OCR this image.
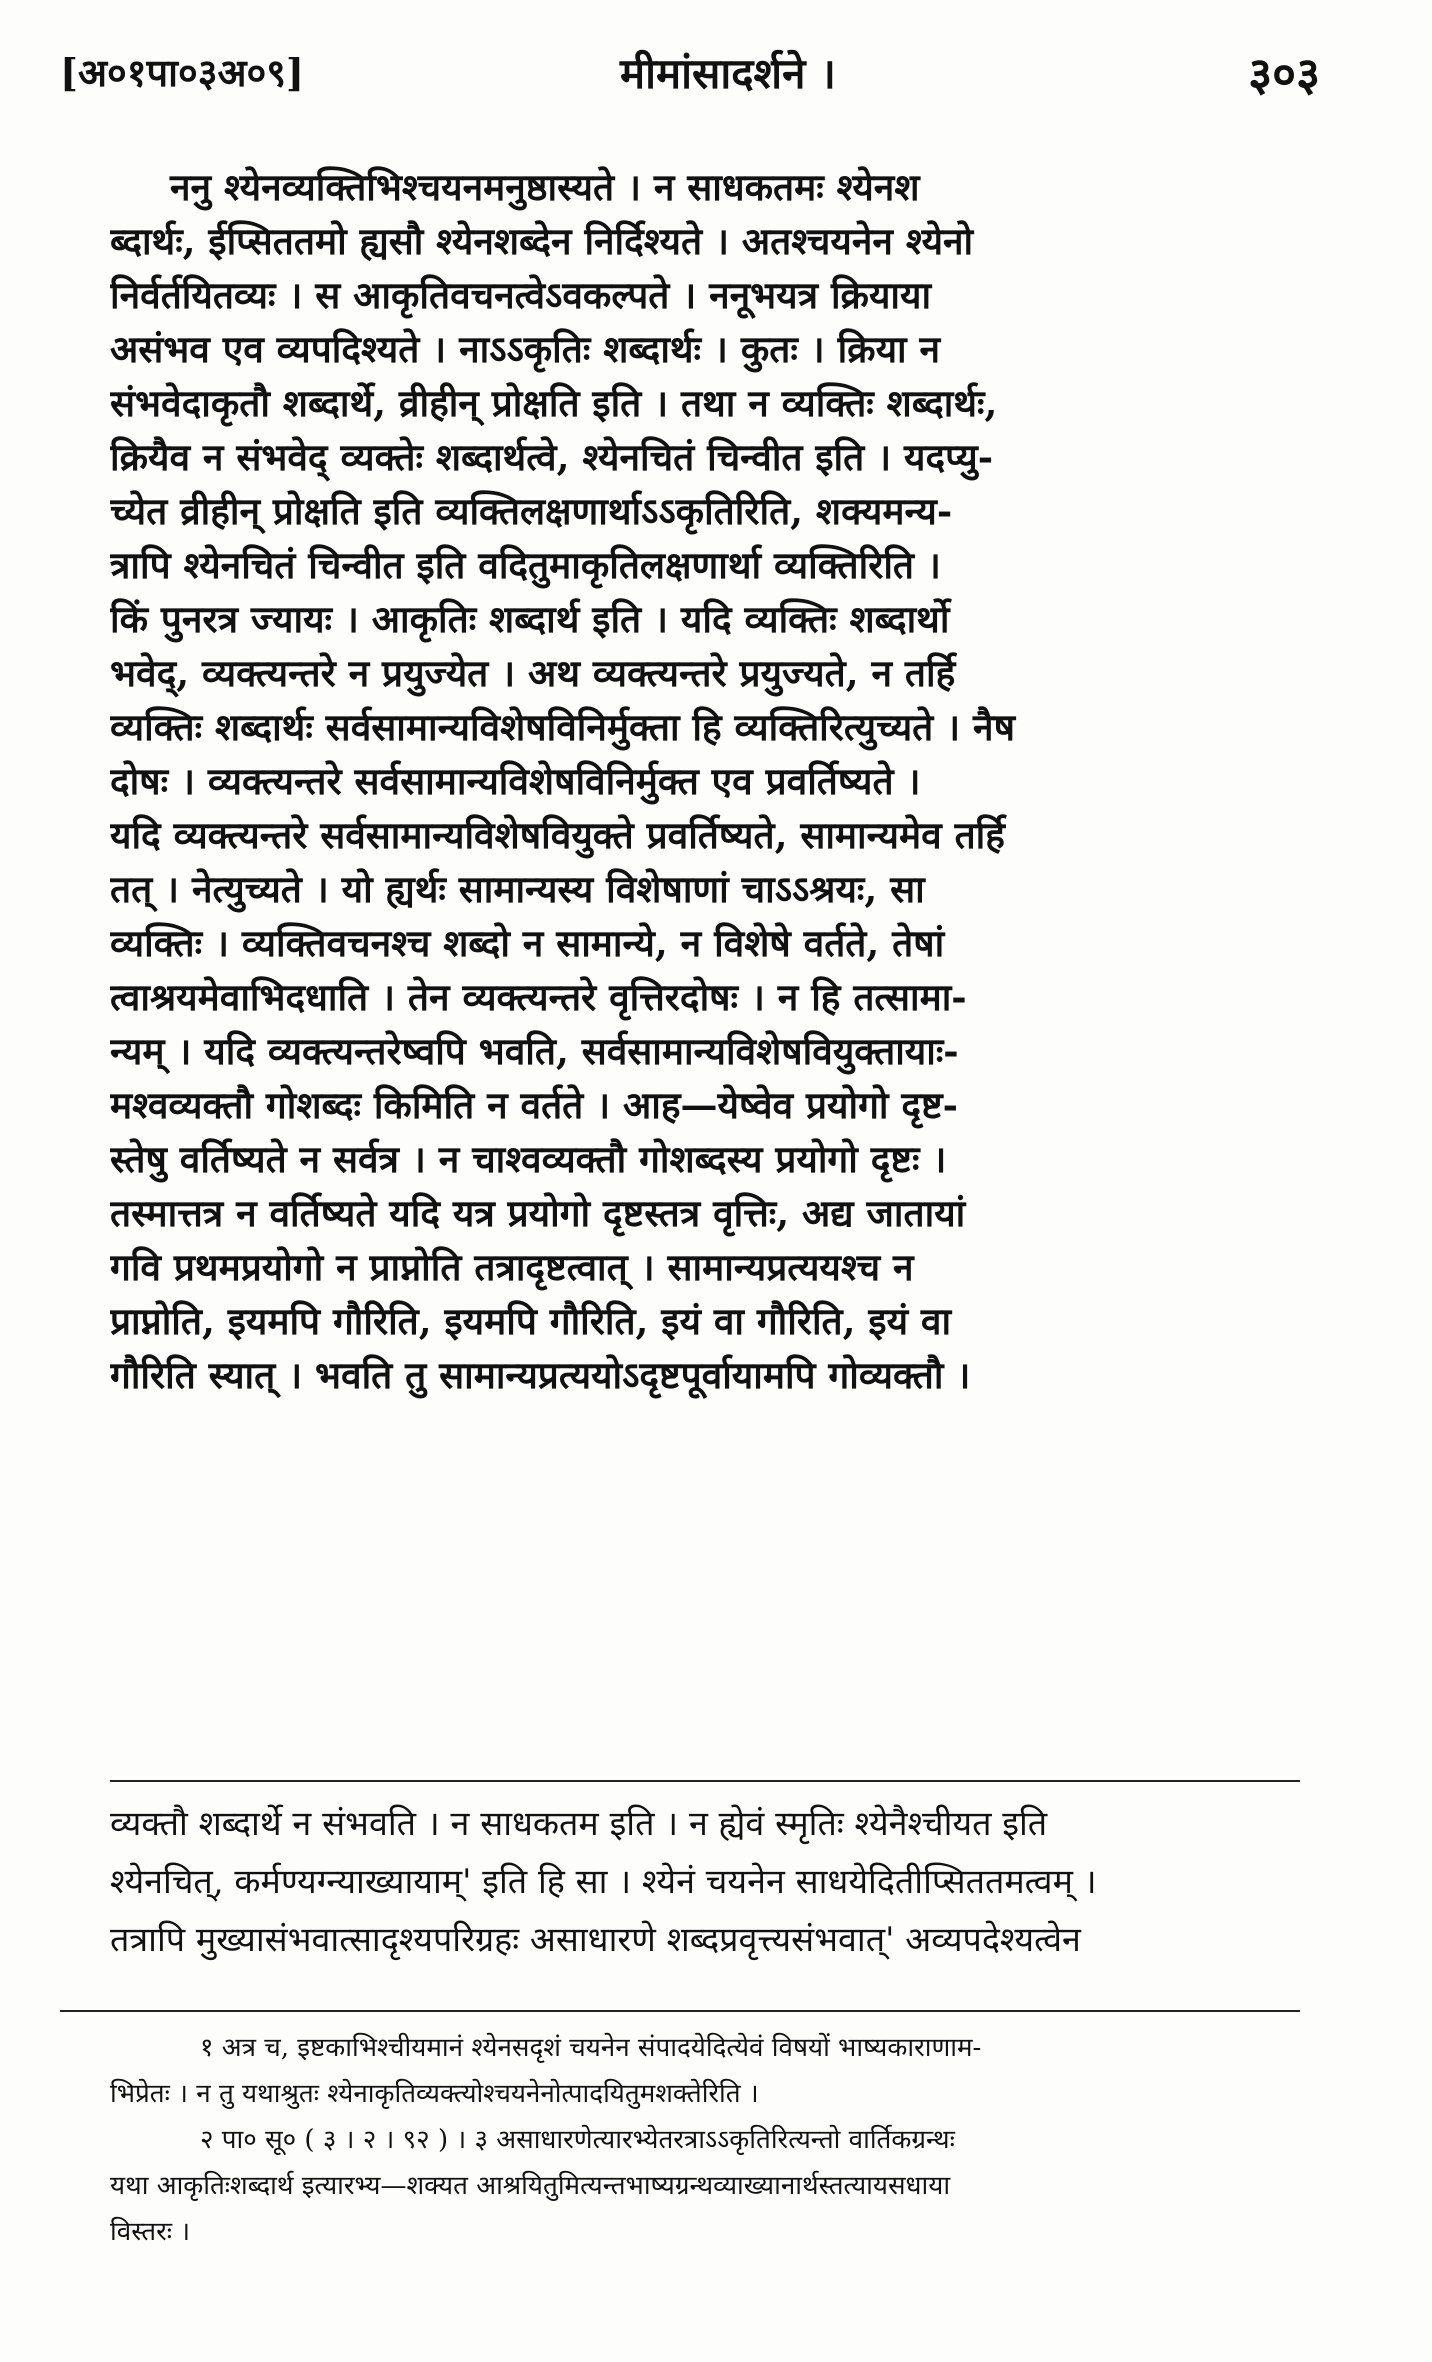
[अ०१पा०३अ०९]	मीमांसादर्शने ।	३०३
ननु श्येनव्यक्तिभिश्चयनमनुष्ठास्यते । न साधकतमः श्येनश
ब्दार्थः, ईप्सिततमो ह्यसौ श्येनशब्देन निर्दिश्यते । अतश्चयनेन श्येनो
निर्वर्तयितव्यः । स आकृतिवचनत्वेऽवकल्पते । ननूभयत्र क्रियाया
असंभव एव व्यपदिश्यते । नाऽऽकृतिः शब्दार्थः । कुतः । क्रिया न
संभवेदाकृतौ शब्दार्थे, व्रीहीन् प्रोक्षति इति । तथा न व्यक्तिः शब्दार्थः,
क्रियैव न संभवेद् व्यक्तेः शब्दार्थत्वे, श्येनचितं चिन्वीत इति । यदप्यु-
च्येत व्रीहीन् प्रोक्षति इति व्यक्तिलक्षणार्थाऽऽकृतिरिति, शक्यमन्य-
त्रापि श्येनचितं चिन्वीत इति वदितुमाकृतिलक्षणार्था व्यक्तिरिति ।
किं पुनरत्र ज्यायः । आकृतिः शब्दार्थ इति । यदि व्यक्तिः शब्दार्थो
भवेद्, व्यक्त्यन्तरे न प्रयुज्येत । अथ व्यक्त्यन्तरे प्रयुज्यते, न तर्हि
व्यक्तिः शब्दार्थः सर्वसामान्यविशेषविनिर्मुक्ता हि व्यक्तिरित्युच्यते । नैष
दोषः । व्यक्त्यन्तरे सर्वसामान्यविशेषविनिर्मुक्त एव प्रवर्तिष्यते ।
यदि व्यक्त्यन्तरे सर्वसामान्यविशेषवियुक्ते प्रवर्तिष्यते, सामान्यमेव तर्हि
तत् । नेत्युच्यते । यो ह्यर्थः सामान्यस्य विशेषाणां चाऽऽश्रयः, सा
व्यक्तिः । व्यक्तिवचनश्च शब्दो न सामान्ये, न विशेषे वर्तते, तेषां
त्वाश्रयमेवाभिदधाति । तेन व्यक्त्यन्तरे वृत्तिरदोषः । न हि तत्सामा-
न्यम् । यदि व्यक्त्यन्तरेष्वपि भवति, सर्वसामान्यविशेषवियुक्तायाः-
मश्वव्यक्तौ गोशब्दः किमिति न वर्तते । आह—येष्वेव प्रयोगो दृष्ट-
स्तेषु वर्तिष्यते न सर्वत्र । न चाश्वव्यक्तौ गोशब्दस्य प्रयोगो दृष्टः ।
तस्मात्तत्र न वर्तिष्यते यदि यत्र प्रयोगो दृष्टस्तत्र वृत्तिः, अद्य जातायां
गवि प्रथमप्रयोगो न प्राप्नोति तत्रादृष्टत्वात् । सामान्यप्रत्ययश्च न
प्राप्नोति, इयमपि गौरिति, इयमपि गौरिति, इयं वा गौरिति, इयं वा
गौरिति स्यात् । भवति तु सामान्यप्रत्ययोऽदृष्टपूर्वायामपि गोव्यक्तौ ।
व्यक्तौ शब्दार्थे न संभवति । न साधकतम इति । न ह्येवं स्मृतिः श्येनैश्चीयत इति
श्येनचित्, कर्मण्यग्न्याख्यायाम्' इति हि सा । श्येनं चयनेन साधयेदितीप्सिततमत्वम् ।
तत्रापि मुख्यासंभवात्सादृश्यपरिग्रहः असाधारणे शब्दप्रवृत्त्यसंभवात्' अव्यपदेश्यत्वेन
१ अत्र च, इष्टकाभिश्चीयमानं श्येनसदृशं चयनेन संपादयेदित्येवं विषयों भाष्यकाराणाम-
भिप्रेतः । न तु यथाश्रुतः श्येनाकृतिव्यक्त्योश्चयनेनोत्पादयितुमशक्तेरिति ।
२ पा० सू० ( ३ । २ । ९२ ) । ३ असाधारणेत्यारभ्येतरत्राऽऽकृतिरित्यन्तो वार्तिकग्रन्थः
यथा आकृतिःशब्दार्थ इत्यारभ्य—शक्यत आश्रयितुमित्यन्तभाष्यग्रन्थव्याख्यानार्थस्तत्यायसधाया
विस्तरः ।
